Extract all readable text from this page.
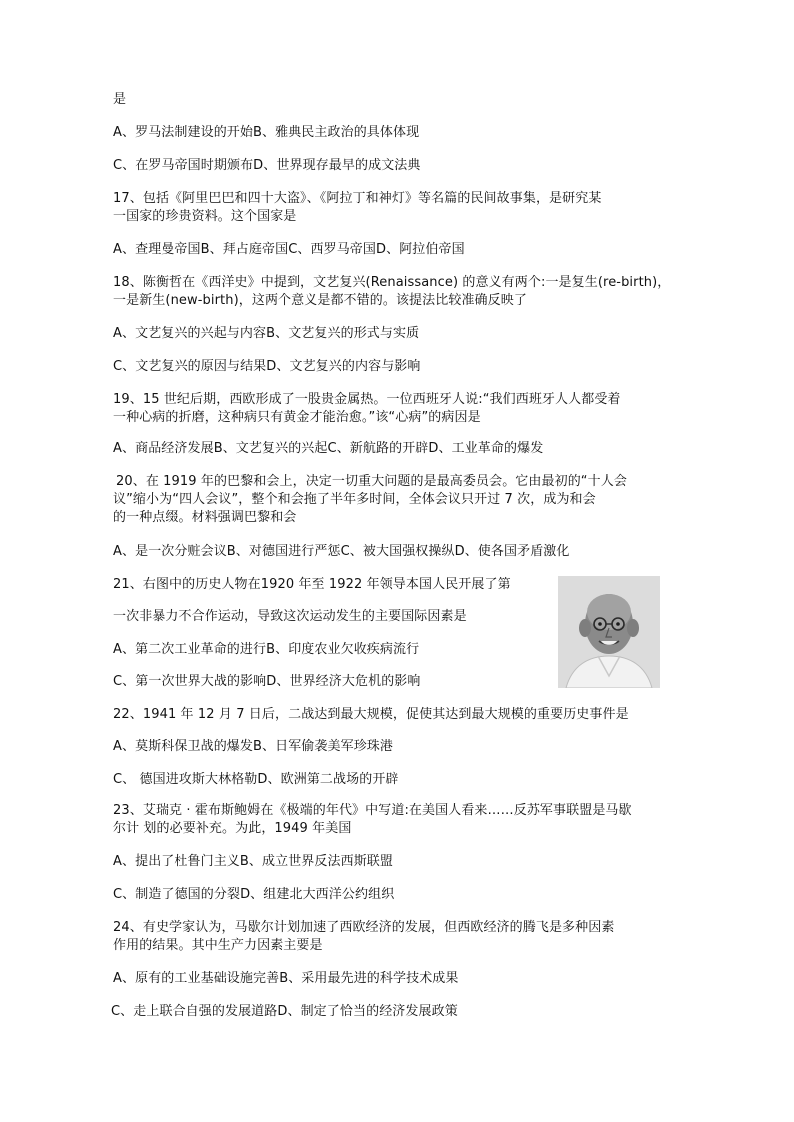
是
A、罗马法制建设的开始B、雅典民主政治的具体体现
C、在罗马帝国时期颁布D、世界现存最早的成文法典
17、包括《阿里巴巴和四十大盗》、《阿拉丁和神灯》等名篇的民间故事集，是研究某
一国家的珍贵资料。这个国家是
A、查理曼帝国B、拜占庭帝国C、西罗马帝国D、阿拉伯帝国
18、陈衡哲在《西洋史》中提到，文艺复兴(Renaissance) 的意义有两个:一是复生(re-birth)，
一是新生(new-birth)，这两个意义是都不错的。该提法比较准确反映了
A、文艺复兴的兴起与内容B、文艺复兴的形式与实质
C、文艺复兴的原因与结果D、文艺复兴的内容与影响
19、15 世纪后期，西欧形成了一股贵金属热。一位西班牙人说:“我们西班牙人人都受着
一种心病的折磨，这种病只有黄金才能治愈。”该“心病”的病因是
A、商品经济发展B、文艺复兴的兴起C、新航路的开辟D、工业革命的爆发
20、在 1919 年的巴黎和会上，决定一切重大问题的是最高委员会。它由最初的“十人会
议”缩小为“四人会议”，整个和会拖了半年多时间，全体会议只开过 7 次，成为和会
的一种点缀。材料强调巴黎和会
A、是一次分赃会议B、对德国进行严惩C、被大国强权操纵D、使各国矛盾激化
21、右图中的历史人物在1920 年至 1922 年领导本国人民开展了第
一次非暴力不合作运动，导致这次运动发生的主要国际因素是
A、第二次工业革命的进行B、印度农业欠收疾病流行
C、第一次世界大战的影响D、世界经济大危机的影响
22、1941 年 12 月 7 日后，二战达到最大规模，促使其达到最大规模的重要历史事件是
A、莫斯科保卫战的爆发B、日军偷袭美军珍珠港
C、 德国进攻斯大林格勒D、欧洲第二战场的开辟
23、艾瑞克 · 霍布斯鲍姆在《极端的年代》中写道:在美国人看来……反苏军事联盟是马歇
尔计 划的必要补充。为此，1949 年美国
A、提出了杜鲁门主义B、成立世界反法西斯联盟
C、制造了德国的分裂D、组建北大西洋公约组织
24、有史学家认为，马歇尔计划加速了西欧经济的发展，但西欧经济的腾飞是多种因素
作用的结果。其中生产力因素主要是
A、原有的工业基础设施完善B、采用最先进的科学技术成果
C、走上联合自强的发展道路D、制定了恰当的经济发展政策
